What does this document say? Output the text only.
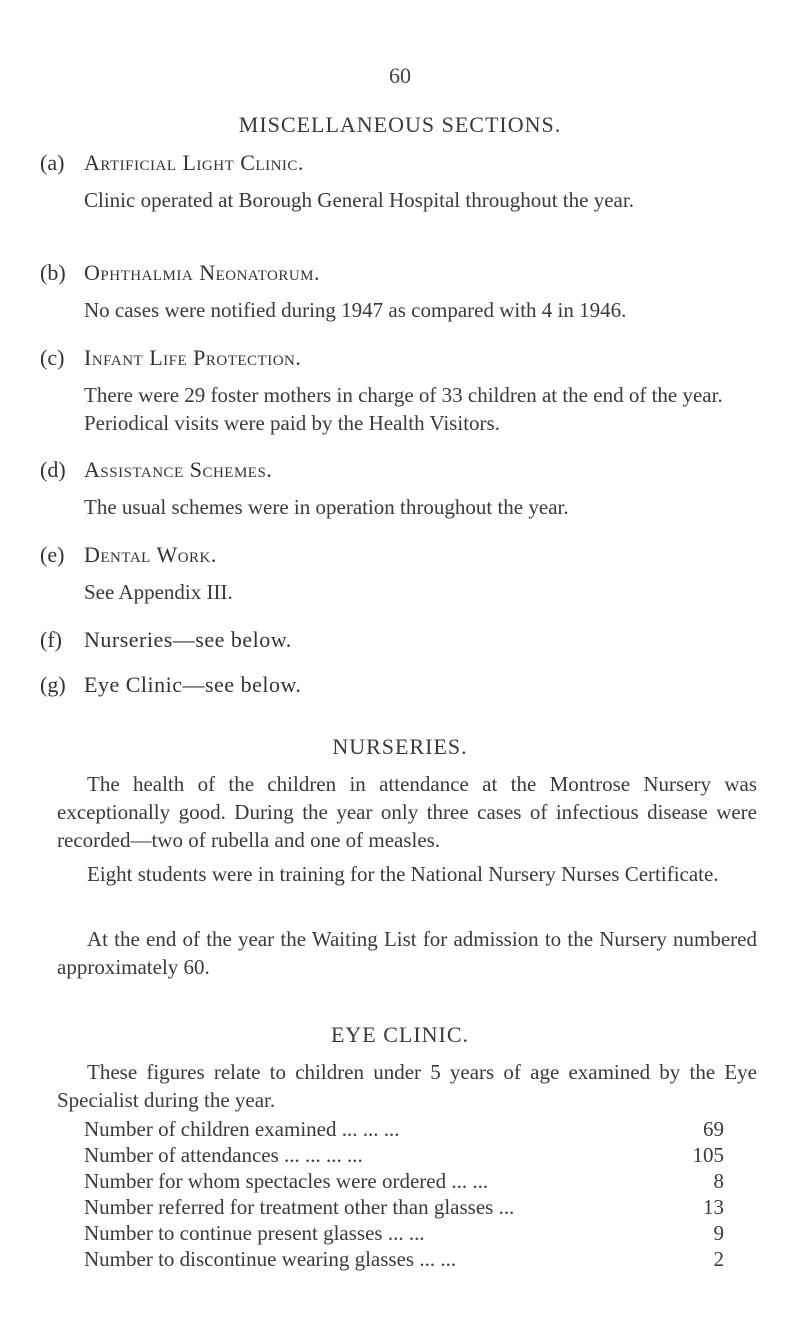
60
MISCELLANEOUS SECTIONS.
(a) Artificial Light Clinic.
Clinic operated at Borough General Hospital throughout the year.
(b) Ophthalmia Neonatorum.
No cases were notified during 1947 as compared with 4 in 1946.
(c) Infant Life Protection.
There were 29 foster mothers in charge of 33 children at the end of the year. Periodical visits were paid by the Health Visitors.
(d) Assistance Schemes.
The usual schemes were in operation throughout the year.
(e) Dental Work.
See Appendix III.
(f) Nurseries—see below.
(g) Eye Clinic—see below.
NURSERIES.
The health of the children in attendance at the Montrose Nursery was exceptionally good. During the year only three cases of infectious disease were recorded—two of rubella and one of measles.
Eight students were in training for the National Nursery Nurses Certificate.
At the end of the year the Waiting List for admission to the Nursery numbered approximately 60.
EYE CLINIC.
These figures relate to children under 5 years of age examined by the Eye Specialist during the year.
Number of children examined ... ... ...	69
Number of attendances ... ... ... ...	105
Number for whom spectacles were ordered ... ...	8
Number referred for treatment other than glasses ...	13
Number to continue present glasses ... ...	9
Number to discontinue wearing glasses ... ...	2
